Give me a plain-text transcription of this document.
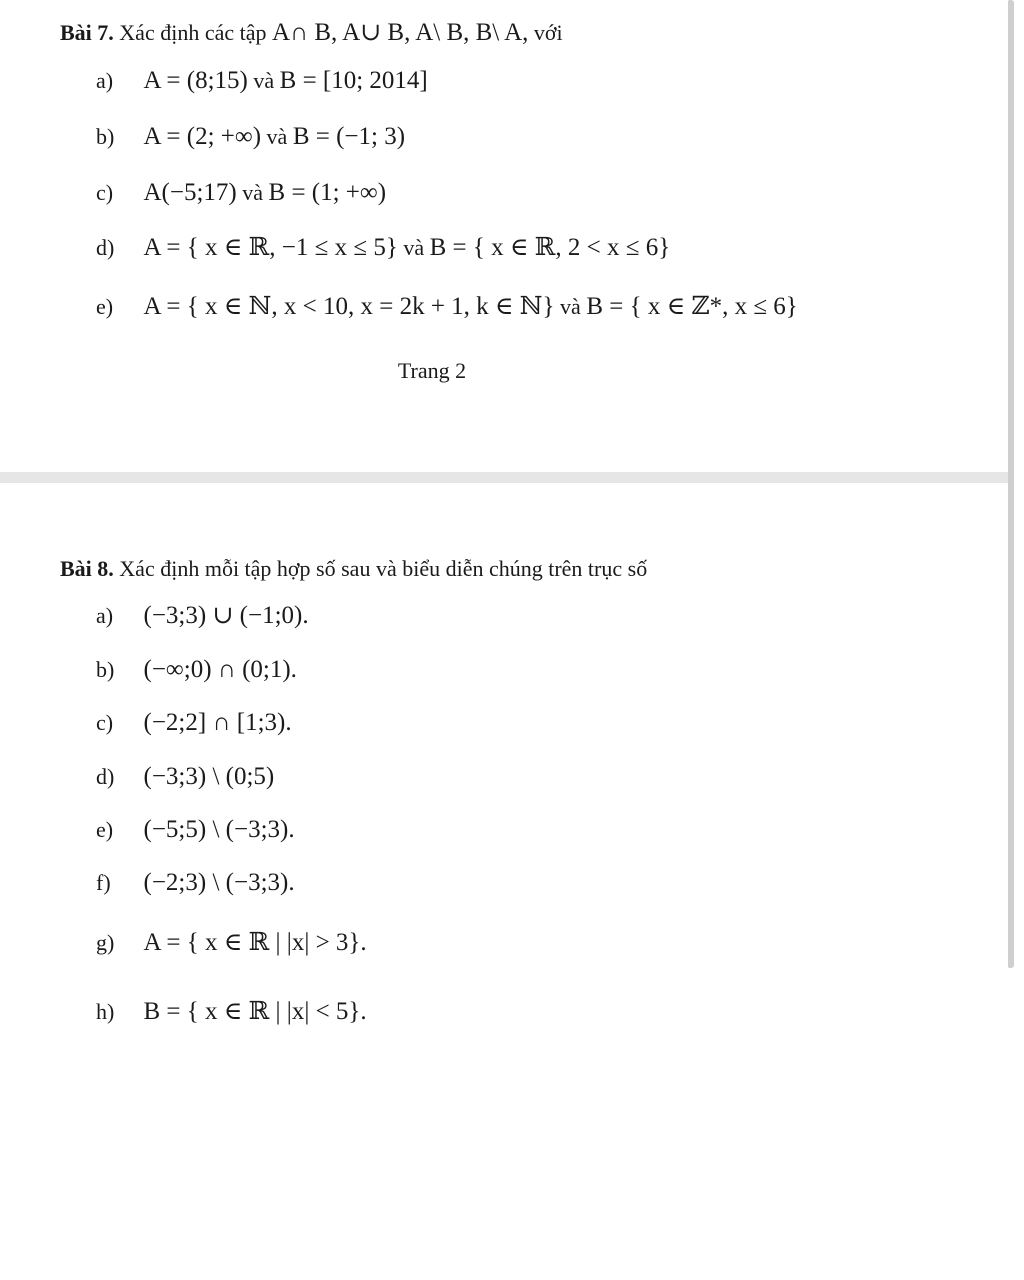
Bài 7. Xác định các tập A∩ B, A∪ B, A\ B, B\ A, với
a) A = (8;15) và B = [10; 2014]
b) A = (2; +∞) và B = (−1; 3)
c) A(−5;17) và B = (1; +∞)
d) A = { x ∈ ℝ, −1 ≤ x ≤ 5} và B = { x ∈ ℝ, 2 < x ≤ 6}
e) A = { x ∈ ℕ, x < 10, x = 2k + 1, k ∈ ℕ} và B = { x ∈ ℤ*, x ≤ 6}
Trang 2
Bài 8. Xác định mỗi tập hợp số sau và biểu diễn chúng trên trục số
a) (−3;3) ∪ (−1;0).
b) (−∞;0) ∩ (0;1).
c) (−2;2] ∩ [1;3).
d) (−3;3) \ (0;5)
e) (−5;5) \ (−3;3).
f) (−2;3) \ (−3;3).
g) A = { x ∈ ℝ | |x| > 3}.
h) B = { x ∈ ℝ | |x| < 5}.
